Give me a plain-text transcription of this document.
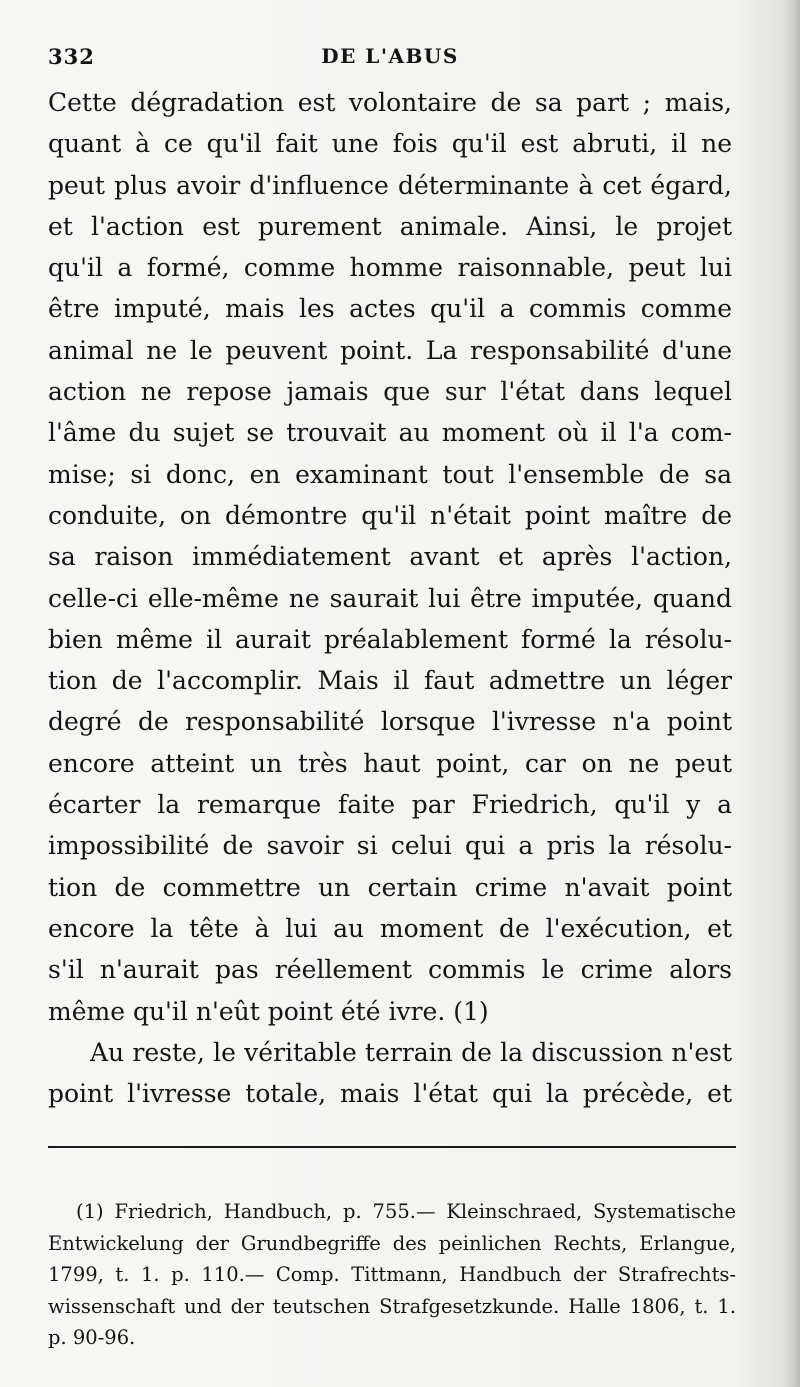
332	DE L'ABUS
Cette dégradation est volontaire de sa part ; mais,
quant à ce qu'il fait une fois qu'il est abruti, il ne
peut plus avoir d'influence déterminante à cet égard,
et l'action est purement animale. Ainsi, le projet
qu'il a formé, comme homme raisonnable, peut lui
être imputé, mais les actes qu'il a commis comme
animal ne le peuvent point. La responsabilité d'une
action ne repose jamais que sur l'état dans lequel
l'âme du sujet se trouvait au moment où il l'a com-
mise; si donc, en examinant tout l'ensemble de sa
conduite, on démontre qu'il n'était point maître de
sa raison immédiatement avant et après l'action,
celle-ci elle-même ne saurait lui être imputée, quand
bien même il aurait préalablement formé la résolu-
tion de l'accomplir. Mais il faut admettre un léger
degré de responsabilité lorsque l'ivresse n'a point
encore atteint un très haut point, car on ne peut
écarter la remarque faite par Friedrich, qu'il y a
impossibilité de savoir si celui qui a pris la résolu-
tion de commettre un certain crime n'avait point
encore la tête à lui au moment de l'exécution, et
s'il n'aurait pas réellement commis le crime alors
même qu'il n'eût point été ivre. (1)
Au reste, le véritable terrain de la discussion n'est
point l'ivresse totale, mais l'état qui la précède, et
(1) Friedrich, Handbuch, p. 755.— Kleinschraed, Systematische
Entwickelung der Grundbegriffe des peinlichen Rechts, Erlangue,
1799, t. 1. p. 110.— Comp. Tittmann, Handbuch der Strafrechts-
wissenschaft und der teutschen Strafgesetzkunde. Halle 1806, t. 1.
p. 90-96.
